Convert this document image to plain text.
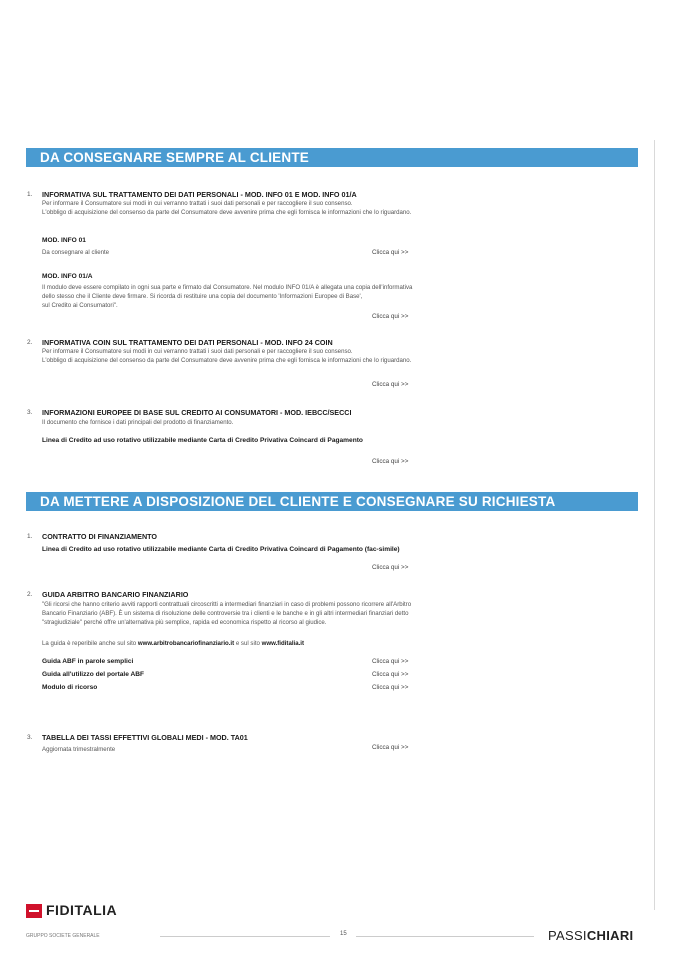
DA CONSEGNARE SEMPRE AL CLIENTE
1. INFORMATIVA SUL TRATTAMENTO DEI DATI PERSONALI - MOD. INFO 01 E MOD. INFO 01/A
Per informare il Consumatore sui modi in cui verranno trattati i suoi dati personali e per raccogliere il suo consenso.
L'obbligo di acquisizione del consenso da parte del Consumatore deve avvenire prima che egli fornisca le informazioni che lo riguardano.
MOD. INFO 01
Da consegnare al cliente	Clicca qui >>
MOD. INFO 01/A
Il modulo deve essere compilato in ogni sua parte e firmato dal Consumatore. Nel modulo INFO 01/A è allegata una copia dell'informativa
dello stesso che il Cliente deve firmare. Si ricorda di restituire una copia del documento 'Informazioni Europee di Base',
sul Credito ai Consumatori".
Clicca qui >>
2. INFORMATIVA COIN SUL TRATTAMENTO DEI DATI PERSONALI - MOD. INFO 24 COIN
Per informare il Consumatore sui modi in cui verranno trattati i suoi dati personali e per raccogliere il suo consenso.
L'obbligo di acquisizione del consenso da parte del Consumatore deve avvenire prima che egli fornisca le informazioni che lo riguardano.
Clicca qui >>
3. INFORMAZIONI EUROPEE DI BASE SUL CREDITO AI CONSUMATORI - MOD. IEBCC/SECCI
Il documento che fornisce i dati principali del prodotto di finanziamento.
Linea di Credito ad uso rotativo utilizzabile mediante Carta di Credito Privativa Coincard di Pagamento
Clicca qui >>
DA METTERE A DISPOSIZIONE DEL CLIENTE E CONSEGNARE SU RICHIESTA
1. CONTRATTO DI FINANZIAMENTO
Linea di Credito ad uso rotativo utilizzabile mediante Carta di Credito Privativa Coincard di Pagamento (fac-simile)
Clicca qui >>
2. GUIDA ARBITRO BANCARIO FINANZIARIO
"Gli ricorsi che hanno criterio avviti rapporti contrattuali circoscritti a intermediari finanziari in caso di problemi possono ricorrere all'Arbitro
Bancario Finanziario (ABF). È un sistema di risoluzione delle controversie tra i clienti e le banche e in gli altri intermediari finanziari detto
"stragiudiziale" perché offre un'alternativa più semplice, rapida ed economica rispetto al ricorso al giudice.
La guida è reperibile anche sul sito www.arbitrobancariofinanziario.it e sul sito www.fiditalia.it
Guida ABF in parole semplici	Clicca qui >>
Guida all'utilizzo del portale ABF	Clicca qui >>
Modulo di ricorso	Clicca qui >>
3. TABELLA DEI TASSI EFFETTIVI GLOBALI MEDI - MOD. TA01
Aggiornata trimestralmente	Clicca qui >>
FIDITALIA
GRUPPO SOCIETE GENERALE	15	PASSICHIARI
